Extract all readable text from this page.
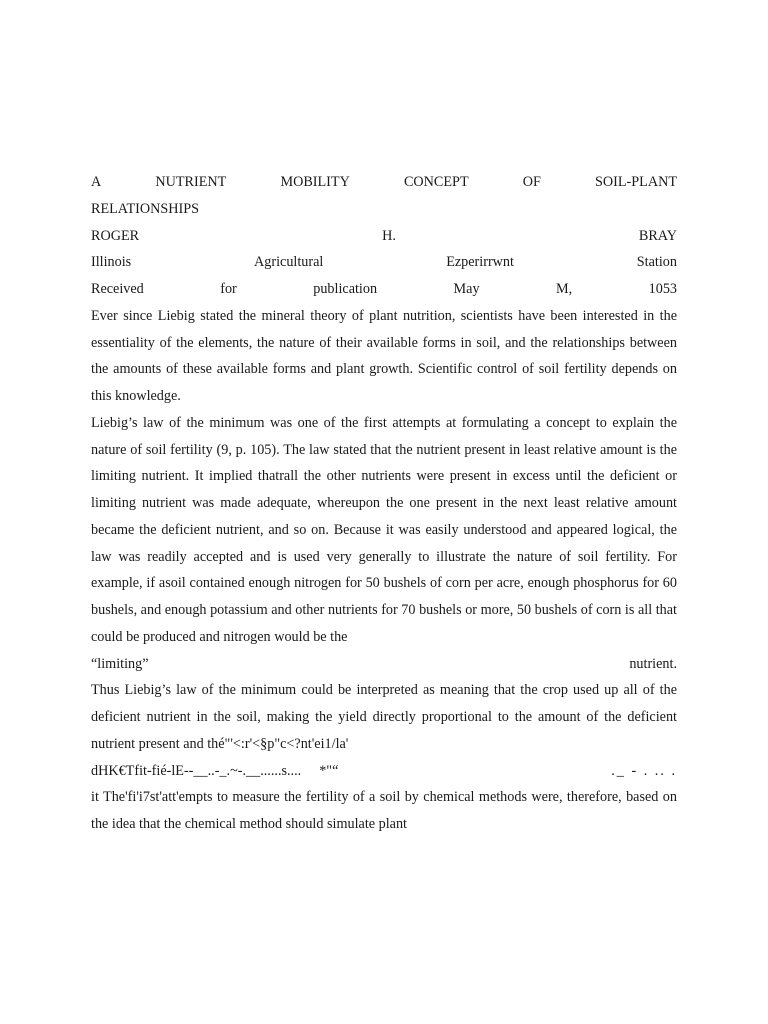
A	NUTRIENT	MOBILITY	CONCEPT	OF	SOIL-PLANT
RELATIONSHIPS
ROGER	H.	BRAY
Illinois	Agricultural	Ezperirrwnt	Station
Received	for	publication	May	M,	1053

Ever since Liebig stated the mineral theory of plant nutrition, scientists have been interested in the essentiality of the elements, the nature of their available forms in soil, and the relationships between the amounts of these available forms and plant growth. Scientific control of soil fertility depends on this knowledge.

Liebig’s law of the minimum was one of the first attempts at formulating a concept to explain the nature of soil fertility (9, p. 105). The law stated that the nutrient present in least relative amount is the limiting nutrient. It implied thatrall the other nutrients were present in excess until the deficient or limiting nutrient was made adequate, whereupon the one present in the next least relative amount became the deficient nutrient, and so on. Because it was easily understood and appeared logical, the law was readily accepted and is used very generally to illustrate the nature of soil fertility. For example, if asoil contained enough nitrogen for 50 bushels of corn per acre, enough phosphorus for 60 bushels, and enough potassium and other nutrients for 70 bushels or more, 50 bushels of corn is all that could be produced and nitrogen would be the

“limiting”	nutrient.

Thus Liebig’s law of the minimum could be interpreted as meaning that the crop used up all of the deficient nutrient in the soil, making the yield directly proportional to the amount of the deficient nutrient present and thé"'<:r'<§p"c<?nt'ei1/la'

dHK€Tfit-fié-lE--__..-_.~-.__......s.... *"“	._ - . .. .

it The'fi'i7st'att'empts to measure the fertility of a soil by chemical methods were, therefore, based on the idea that the chemical method should simulate plant
